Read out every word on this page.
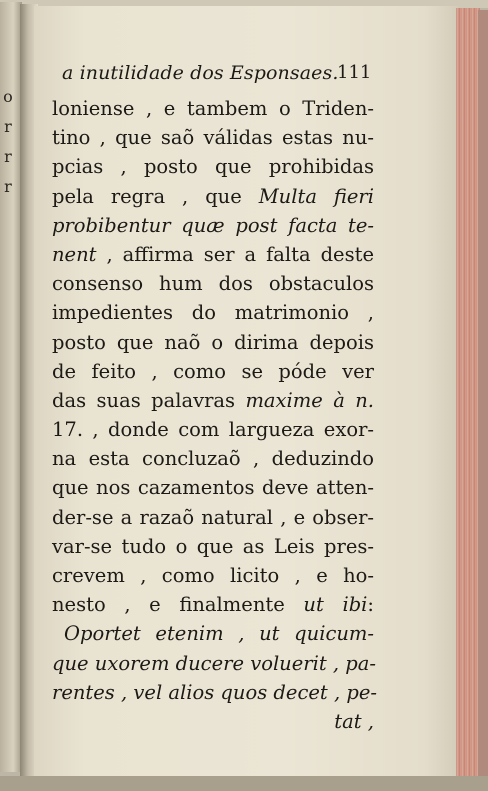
o
r
r
r
a inutilidade dos Esponsaes.
111
loniense , e tambem o Triden-
tino , que saõ válidas estas nu-
pcias , posto que prohibidas
pela regra , que Multa fieri
probibentur quæ post facta te-
nent , affirma ser a falta deste
consenso hum dos obstaculos
impedientes do matrimonio ,
posto que naõ o dirima depois
de feito , como se póde ver
das suas palavras maxime à n.
17. , donde com largueza exor-
na esta concluzaõ , deduzindo
que nos cazamentos deve atten-
der-se a razaõ natural , e obser-
var-se tudo o que as Leis pres-
crevem , como licito , e ho-
nesto , e finalmente ut ibi:
Oportet etenim , ut quicum-
que uxorem ducere voluerit , pa-
rentes , vel alios quos decet , pe-
tat ,
